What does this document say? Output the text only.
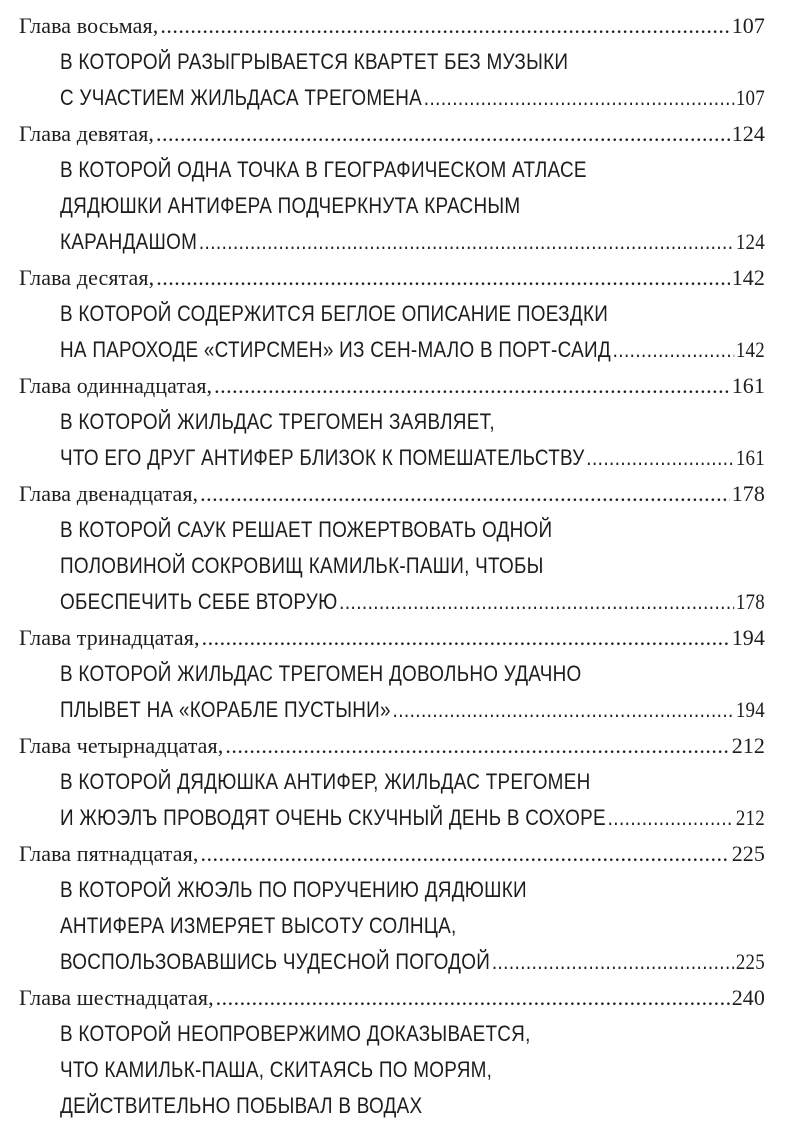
Глава восьмая, .....	107
В КОТОРОЙ РАЗЫГРЫВАЕТСЯ КВАРТЕТ БЕЗ МУЗЫКИ
С УЧАСТИЕМ ЖИЛЬДАСА ТРЕГОМЕНА .....	107
Глава девятая, .....	124
В КОТОРОЙ ОДНА ТОЧКА В ГЕОГРАФИЧЕСКОМ АТЛАСЕ
ДЯДЮШКИ АНТИФЕРА ПОДЧЕРКНУТА КРАСНЫМ
КАРАНДАШОМ .....	124
Глава десятая, .....	142
В КОТОРОЙ СОДЕРЖИТСЯ БЕГЛОЕ ОПИСАНИЕ ПОЕЗДКИ
НА ПАРОХОДЕ «СТИРСМЕН» ИЗ СЕН-МАЛО В ПОРТ-САИД .....	142
Глава одиннадцатая, .....	161
В КОТОРОЙ ЖИЛЬДАС ТРЕГОМЕН ЗАЯВЛЯЕТ,
ЧТО ЕГО ДРУГ АНТИФЕР БЛИЗОК К ПОМЕШАТЕЛЬСТВУ .....	161
Глава двенадцатая, .....	178
В КОТОРОЙ САУК РЕШАЕТ ПОЖЕРТВОВАТЬ ОДНОЙ
ПОЛОВИНОЙ СОКРОВИЩ КАМИЛЬК-ПАШИ, ЧТОБЫ
ОБЕСПЕЧИТЬ СЕБЕ ВТОРУЮ .....	178
Глава тринадцатая, .....	194
В КОТОРОЙ ЖИЛЬДАС ТРЕГОМЕН ДОВОЛЬНО УДАЧНО
ПЛЫВЕТ НА «КОРАБЛЕ ПУСТЫНИ» .....	194
Глава четырнадцатая, .....	212
В КОТОРОЙ ДЯДЮШКА АНТИФЕР, ЖИЛЬДАС ТРЕГОМЕН
И ЖЮЭЛЪ ПРОВОДЯТ ОЧЕНЬ СКУЧНЫЙ ДЕНЬ В СОХОРЕ .....	212
Глава пятнадцатая, .....	225
В КОТОРОЙ ЖЮЭЛЬ ПО ПОРУЧЕНИЮ ДЯДЮШКИ
АНТИФЕРА ИЗМЕРЯЕТ ВЫСОТУ СОЛНЦА,
ВОСПОЛЬЗОВАВШИСЬ ЧУДЕСНОЙ ПОГОДОЙ .....	225
Глава шестнадцатая, .....	240
В КОТОРОЙ НЕОПРОВЕРЖИМО ДОКАЗЫВАЕТСЯ,
ЧТО КАМИЛЬК-ПАША, СКИТАЯСЬ ПО МОРЯМ,
ДЕЙСТВИТЕЛЬНО ПОБЫВАЛ В ВОДАХ
